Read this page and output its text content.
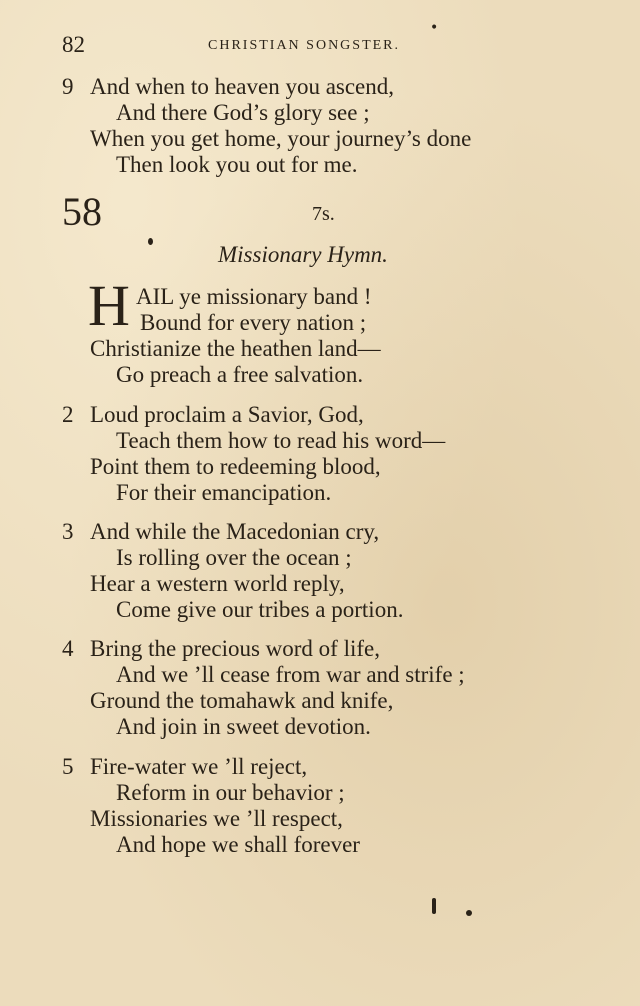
82	CHRISTIAN SONGSTER.
•
9 And when to heaven you ascend,
And there God’s glory see ;
When you get home, your journey’s done
Then look you out for me.
58	7s.
Missionary Hymn.
H AIL ye missionary band !
Bound for every nation ;
Christianize the heathen land—
Go preach a free salvation.
2 Loud proclaim a Savior, God,
Teach them how to read his word—
Point them to redeeming blood,
For their emancipation.
3 And while the Macedonian cry,
Is rolling over the ocean ;
Hear a western world reply,
Come give our tribes a portion.
4 Bring the precious word of life,
And we ’ll cease from war and strife ;
Ground the tomahawk and knife,
And join in sweet devotion.
5 Fire-water we ’ll reject,
Reform in our behavior ;
Missionaries we ’ll respect,
And hope we shall forever
